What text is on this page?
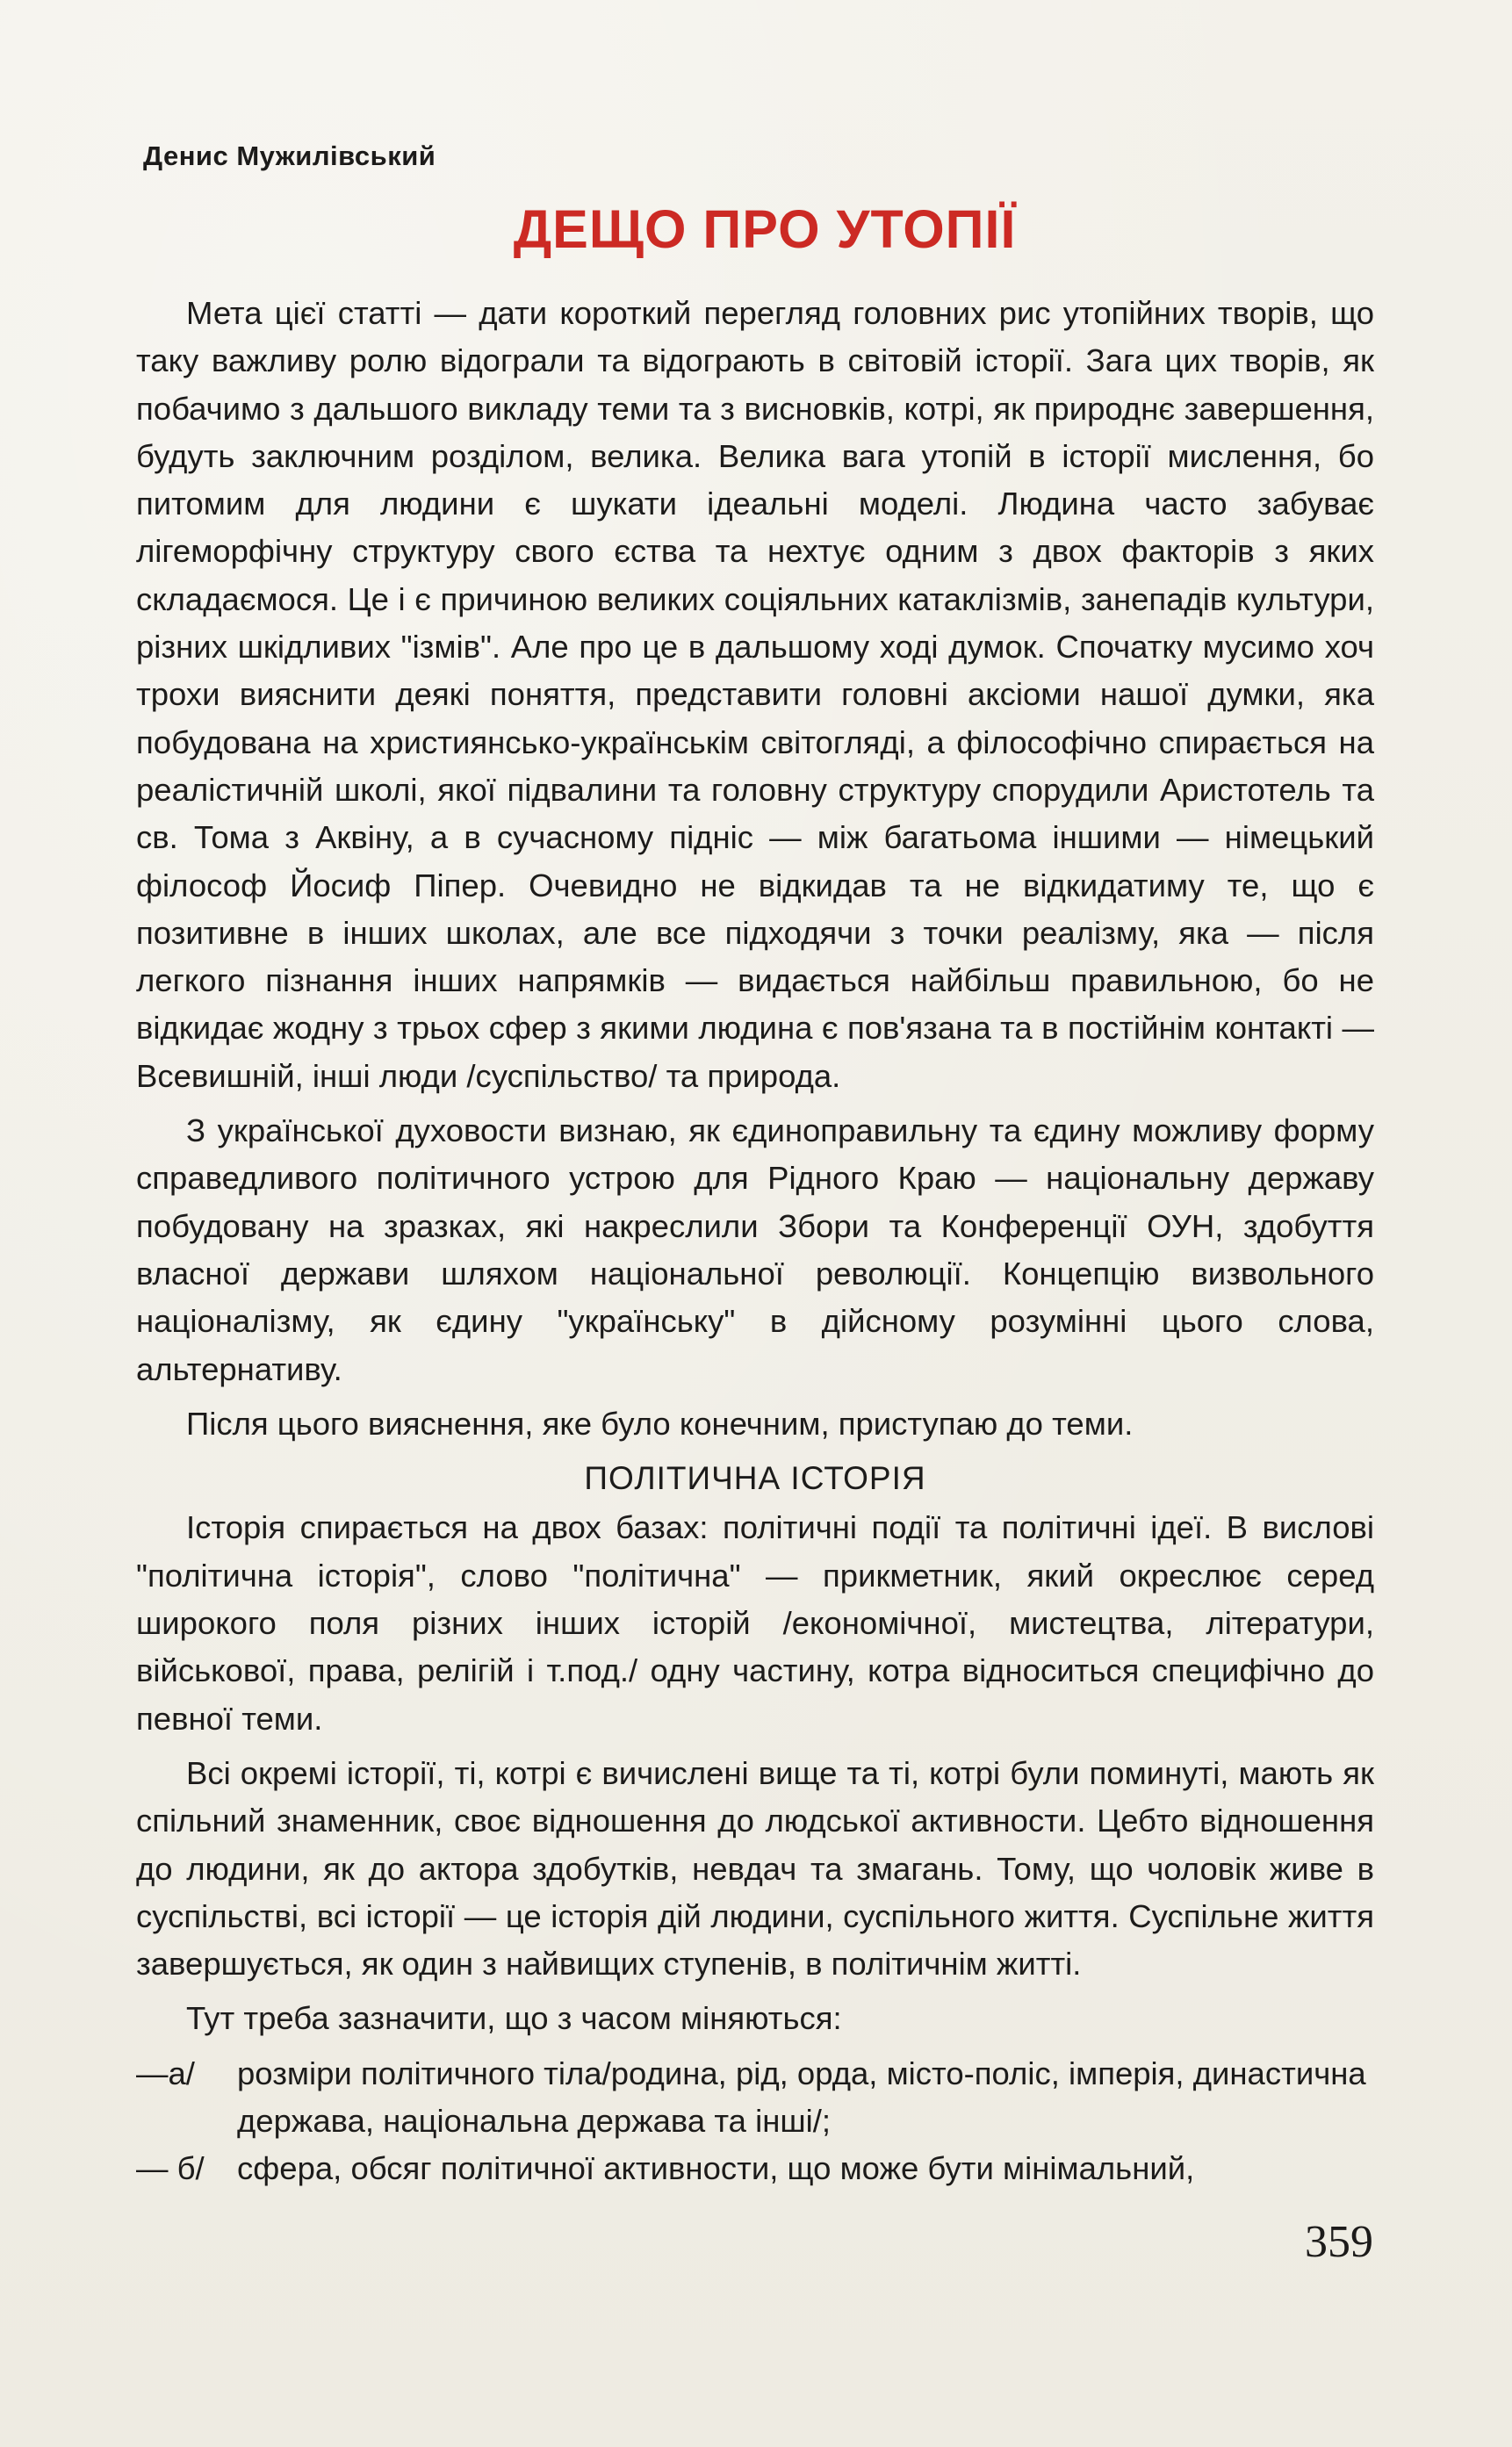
Денис Мужилівський
ДЕЩО ПРО УТОПІЇ

Мета цієї статті — дати короткий перегляд головних рис утопійних творів, що таку важливу ролю відограли та відограють в світовій історії. Зага цих творів, як побачимо з дальшого викладу теми та з висновків, котрі, як природнє завершення, будуть заключним розділом, велика. Велика вага утопій в історії мислення, бо питомим для людини є шукати ідеальні моделі. Людина часто забуває лігеморфічну структуру свого єства та нехтує одним з двох факторів з яких складаємося. Це і є причиною великих соціяльних катаклізмів, занепадів культури, різних шкідливих "ізмів". Але про це в дальшому ході думок. Спочатку мусимо хоч трохи вияснити деякі поняття, представити головні аксіоми нашої думки, яка побудована на християнсько-українськім світогляді, а філософічно спирається на реалістичній школі, якої підвалини та головну структуру спорудили Аристотель та св. Тома з Аквіну, а в сучасному підніс — між багатьома іншими — німецький філософ Йосиф Піпер. Очевидно не відкидав та не відкидатиму те, що є позитивне в інших школах, але все підходячи з точки реалізму, яка — після легкого пізнання інших напрямків — видається найбільш правильною, бо не відкидає жодну з трьох сфер з якими людина є пов'язана та в постійнім контакті — Всевишній, інші люди /суспільство/ та природа.

З української духовости визнаю, як єдиноправильну та єдину можливу форму справедливого політичного устрою для Рідного Краю — національну державу побудовану на зразках, які накреслили Збори та Конференції ОУН, здобуття власної держави шляхом національної революції. Концепцію визвольного націоналізму, як єдину "українську" в дійсному розумінні цього слова, альтернативу.

Після цього вияснення, яке було конечним, приступаю до теми.

ПОЛІТИЧНА ІСТОРІЯ

Історія спирається на двох базах: політичні події та політичні ідеї. В вислові "політична історія", слово "політична" — прикметник, який окреслює серед широкого поля різних інших історій /економічної, мистецтва, літератури, військової, права, релігій і т.под./ одну частину, котра відноситься специфічно до певної теми.

Всі окремі історії, ті, котрі є вичислені вище та ті, котрі були поминуті, мають як спільний знаменник, своє відношення до людської активности. Цебто відношення до людини, як до актора здобутків, невдач та змагань. Тому, що чоловік живе в суспільстві, всі історії — це історія дій людини, суспільного життя. Суспільне життя завершується, як один з найвищих ступенів, в політичнім житті.

Тут треба зазначити, що з часом міняються:

—а/ розміри політичного тіла/родина, рід, орда, місто-поліс, імперія, династична держава, національна держава та інші/;
— б/ сфера, обсяг політичної активности, що може бути мінімальний,
359
